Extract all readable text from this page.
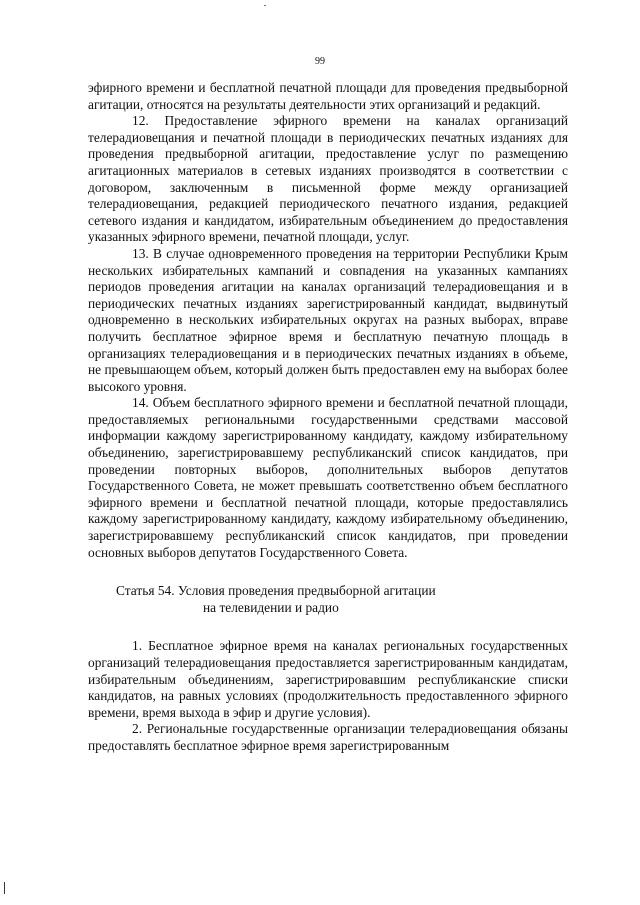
99

эфирного времени и бесплатной печатной площади для проведения предвыборной агитации, относятся на результаты деятельности этих организаций и редакций.

12. Предоставление эфирного времени на каналах организаций телерадиовещания и печатной площади в периодических печатных изданиях для проведения предвыборной агитации, предоставление услуг по размещению агитационных материалов в сетевых изданиях производятся в соответствии с договором, заключенным в письменной форме между организацией телерадиовещания, редакцией периодического печатного издания, редакцией сетевого издания и кандидатом, избирательным объединением до предоставления указанных эфирного времени, печатной площади, услуг.

13. В случае одновременного проведения на территории Республики Крым нескольких избирательных кампаний и совпадения на указанных кампаниях периодов проведения агитации на каналах организаций телерадиовещания и в периодических печатных изданиях зарегистрированный кандидат, выдвинутый одновременно в нескольких избирательных округах на разных выборах, вправе получить бесплатное эфирное время и бесплатную печатную площадь в организациях телерадиовещания и в периодических печатных изданиях в объеме, не превышающем объем, который должен быть предоставлен ему на выборах более высокого уровня.

14. Объем бесплатного эфирного времени и бесплатной печатной площади, предоставляемых региональными государственными средствами массовой информации каждому зарегистрированному кандидату, каждому избирательному объединению, зарегистрировавшему республиканский список кандидатов, при проведении повторных выборов, дополнительных выборов депутатов Государственного Совета, не может превышать соответственно объем бесплатного эфирного времени и бесплатной печатной площади, которые предоставлялись каждому зарегистрированному кандидату, каждому избирательному объединению, зарегистрировавшему республиканский список кандидатов, при проведении основных выборов депутатов Государственного Совета.

Статья 54. Условия проведения предвыборной агитации
на телевидении и радио

1. Бесплатное эфирное время на каналах региональных государственных организаций телерадиовещания предоставляется зарегистрированным кандидатам, избирательным объединениям, зарегистрировавшим республиканские списки кандидатов, на равных условиях (продолжительность предоставленного эфирного времени, время выхода в эфир и другие условия).

2. Региональные государственные организации телерадиовещания обязаны предоставлять бесплатное эфирное время зарегистрированным
